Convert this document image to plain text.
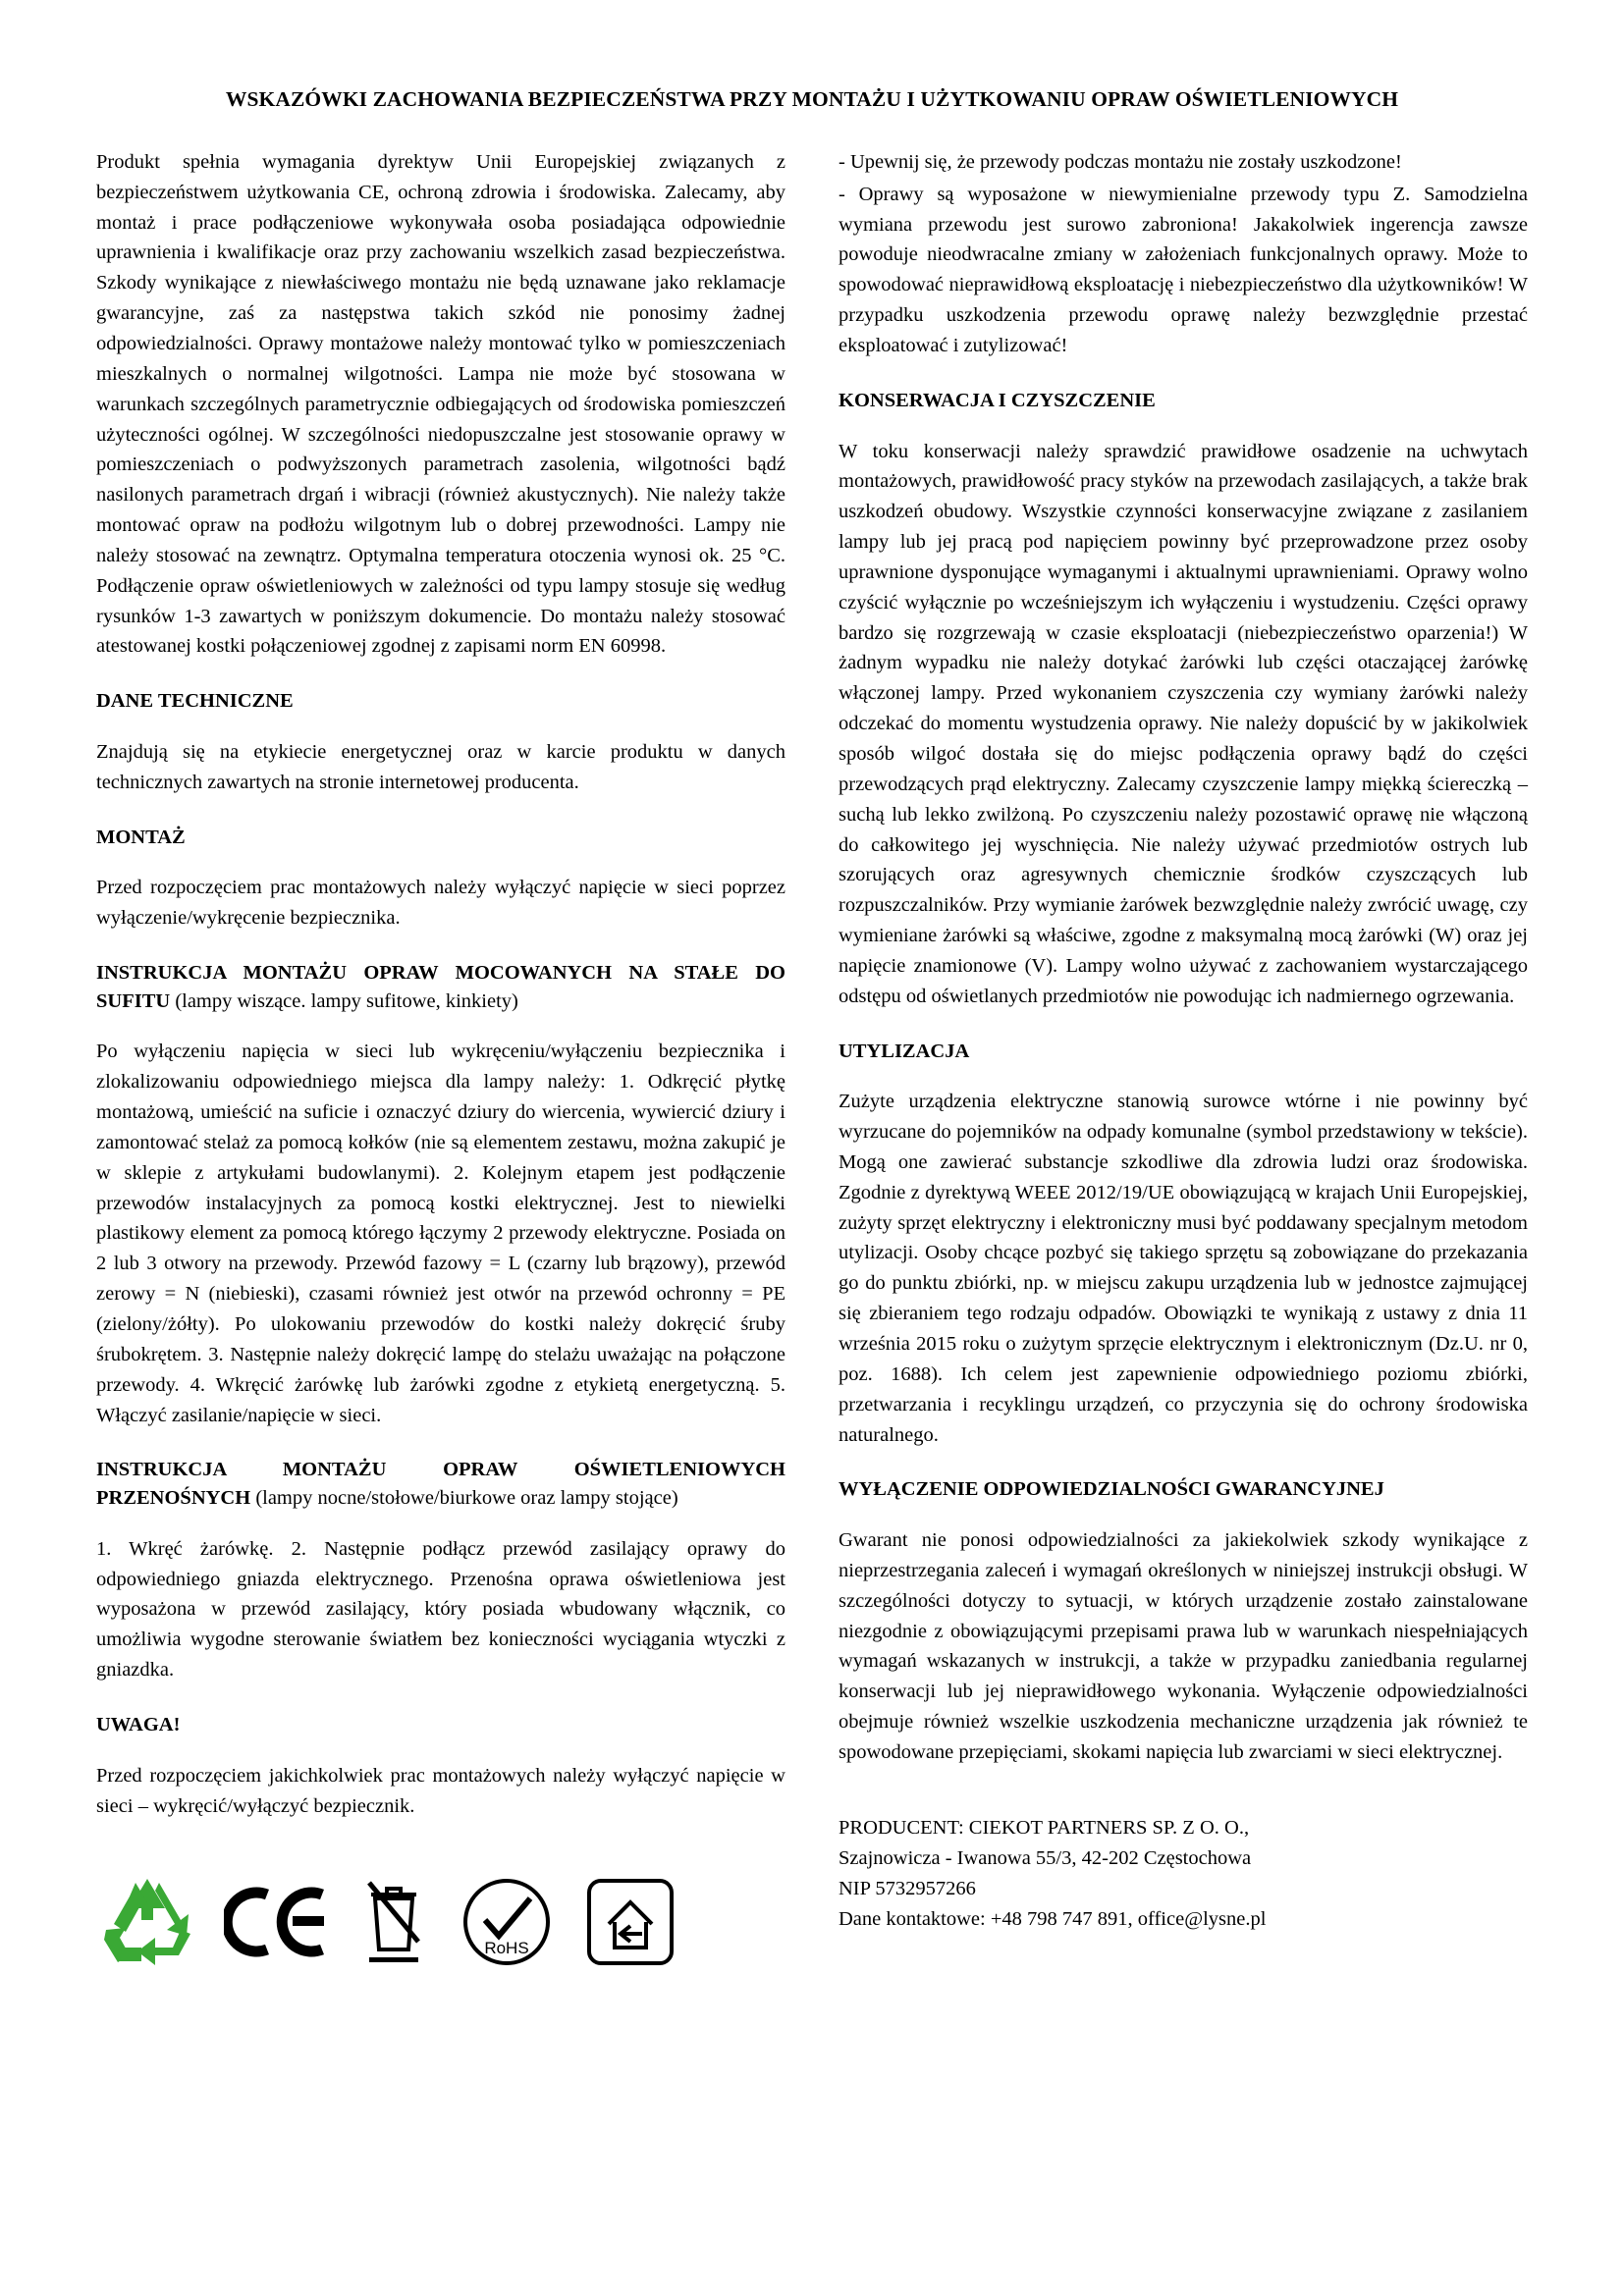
WSKAZÓWKI ZACHOWANIA BEZPIECZEŃSTWA PRZY MONTAŻU I UŻYTKOWANIU OPRAW OŚWIETLENIOWYCH

Produkt spełnia wymagania dyrektyw Unii Europejskiej związanych z bezpieczeństwem użytkowania CE, ochroną zdrowia i środowiska. Zalecamy, aby montaż i prace podłączeniowe wykonywała osoba posiadająca odpowiednie uprawnienia i kwalifikacje oraz przy zachowaniu wszelkich zasad bezpieczeństwa. Szkody wynikające z niewłaściwego montażu nie będą uznawane jako reklamacje gwarancyjne, zaś za następstwa takich szkód nie ponosimy żadnej odpowiedzialności. Oprawy montażowe należy montować tylko w pomieszczeniach mieszkalnych o normalnej wilgotności. Lampa nie może być stosowana w warunkach szczególnych parametrycznie odbiegających od środowiska pomieszczeń użyteczności ogólnej. W szczególności niedopuszczalne jest stosowanie oprawy w pomieszczeniach o podwyższonych parametrach zasolenia, wilgotności bądź nasilonych parametrach drgań i wibracji (również akustycznych). Nie należy także montować opraw na podłożu wilgotnym lub o dobrej przewodności. Lampy nie należy stosować na zewnątrz. Optymalna temperatura otoczenia wynosi ok. 25 °C. Podłączenie opraw oświetleniowych w zależności od typu lampy stosuje się według rysunków 1-3 zawartych w poniższym dokumencie. Do montażu należy stosować atestowanej kostki połączeniowej zgodnej z zapisami norm EN 60998.

DANE TECHNICZNE

Znajdują się na etykiecie energetycznej oraz w karcie produktu w danych technicznych zawartych na stronie internetowej producenta.

MONTAŻ

Przed rozpoczęciem prac montażowych należy wyłączyć napięcie w sieci poprzez wyłączenie/wykręcenie bezpiecznika.

INSTRUKCJA MONTAŻU OPRAW MOCOWANYCH NA STAŁE DO SUFITU (lampy wiszące. lampy sufitowe, kinkiety)

Po wyłączeniu napięcia w sieci lub wykręceniu/wyłączeniu bezpiecznika i zlokalizowaniu odpowiedniego miejsca dla lampy należy: 1. Odkręcić płytkę montażową, umieścić na suficie i oznaczyć dziury do wiercenia, wywiercić dziury i zamontować stelaż za pomocą kołków (nie są elementem zestawu, można zakupić je w sklepie z artykułami budowlanymi). 2. Kolejnym etapem jest podłączenie przewodów instalacyjnych za pomocą kostki elektrycznej. Jest to niewielki plastikowy element za pomocą którego łączymy 2 przewody elektryczne. Posiada on 2 lub 3 otwory na przewody. Przewód fazowy = L (czarny lub brązowy), przewód zerowy = N (niebieski), czasami również jest otwór na przewód ochronny = PE (zielony/żółty). Po ulokowaniu przewodów do kostki należy dokręcić śruby śrubokrętem. 3. Następnie należy dokręcić lampę do stelażu uważając na połączone przewody. 4. Wkręcić żarówkę lub żarówki zgodne z etykietą energetyczną. 5. Włączyć zasilanie/napięcie w sieci.

INSTRUKCJA MONTAŻU OPRAW OŚWIETLENIOWYCH PRZENOŚNYCH (lampy nocne/stołowe/biurkowe oraz lampy stojące)

1. Wkręć żarówkę. 2. Następnie podłącz przewód zasilający oprawy do odpowiedniego gniazda elektrycznego. Przenośna oprawa oświetleniowa jest wyposażona w przewód zasilający, który posiada wbudowany włącznik, co umożliwia wygodne sterowanie światłem bez konieczności wyciągania wtyczki z gniazdka.

UWAGA!

Przed rozpoczęciem jakichkolwiek prac montażowych należy wyłączyć napięcie w sieci – wykręcić/wyłączyć bezpiecznik.

RoHS

- Upewnij się, że przewody podczas montażu nie zostały uszkodzone!

- Oprawy są wyposażone w niewymienialne przewody typu Z. Samodzielna wymiana przewodu jest surowo zabroniona! Jakakolwiek ingerencja zawsze powoduje nieodwracalne zmiany w założeniach funkcjonalnych oprawy. Może to spowodować nieprawidłową eksploatację i niebezpieczeństwo dla użytkowników! W przypadku uszkodzenia przewodu oprawę należy bezwzględnie przestać eksploatować i zutylizować!

KONSERWACJA I CZYSZCZENIE

W toku konserwacji należy sprawdzić prawidłowe osadzenie na uchwytach montażowych, prawidłowość pracy styków na przewodach zasilających, a także brak uszkodzeń obudowy. Wszystkie czynności konserwacyjne związane z zasilaniem lampy lub jej pracą pod napięciem powinny być przeprowadzone przez osoby uprawnione dysponujące wymaganymi i aktualnymi uprawnieniami. Oprawy wolno czyścić wyłącznie po wcześniejszym ich wyłączeniu i wystudzeniu. Części oprawy bardzo się rozgrzewają w czasie eksploatacji (niebezpieczeństwo oparzenia!) W żadnym wypadku nie należy dotykać żarówki lub części otaczającej żarówkę włączonej lampy. Przed wykonaniem czyszczenia czy wymiany żarówki należy odczekać do momentu wystudzenia oprawy. Nie należy dopuścić by w jakikolwiek sposób wilgoć dostała się do miejsc podłączenia oprawy bądź do części przewodzących prąd elektryczny. Zalecamy czyszczenie lampy miękką ściereczką – suchą lub lekko zwilżoną. Po czyszczeniu należy pozostawić oprawę nie włączoną do całkowitego jej wyschnięcia. Nie należy używać przedmiotów ostrych lub szorujących oraz agresywnych chemicznie środków czyszczących lub rozpuszczalników. Przy wymianie żarówek bezwzględnie należy zwrócić uwagę, czy wymieniane żarówki są właściwe, zgodne z maksymalną mocą żarówki (W) oraz jej napięcie znamionowe (V). Lampy wolno używać z zachowaniem wystarczającego odstępu od oświetlanych przedmiotów nie powodując ich nadmiernego ogrzewania.

UTYLIZACJA

Zużyte urządzenia elektryczne stanowią surowce wtórne i nie powinny być wyrzucane do pojemników na odpady komunalne (symbol przedstawiony w tekście). Mogą one zawierać substancje szkodliwe dla zdrowia ludzi oraz środowiska. Zgodnie z dyrektywą WEEE 2012/19/UE obowiązującą w krajach Unii Europejskiej, zużyty sprzęt elektryczny i elektroniczny musi być poddawany specjalnym metodom utylizacji. Osoby chcące pozbyć się takiego sprzętu są zobowiązane do przekazania go do punktu zbiórki, np. w miejscu zakupu urządzenia lub w jednostce zajmującej się zbieraniem tego rodzaju odpadów. Obowiązki te wynikają z ustawy z dnia 11 września 2015 roku o zużytym sprzęcie elektrycznym i elektronicznym (Dz.U. nr 0, poz. 1688). Ich celem jest zapewnienie odpowiedniego poziomu zbiórki, przetwarzania i recyklingu urządzeń, co przyczynia się do ochrony środowiska naturalnego.

WYŁĄCZENIE ODPOWIEDZIALNOŚCI GWARANCYJNEJ

Gwarant nie ponosi odpowiedzialności za jakiekolwiek szkody wynikające z nieprzestrzegania zaleceń i wymagań określonych w niniejszej instrukcji obsługi. W szczególności dotyczy to sytuacji, w których urządzenie zostało zainstalowane niezgodnie z obowiązującymi przepisami prawa lub w warunkach niespełniających wymagań wskazanych w instrukcji, a także w przypadku zaniedbania regularnej konserwacji lub jej nieprawidłowego wykonania. Wyłączenie odpowiedzialności obejmuje również wszelkie uszkodzenia mechaniczne urządzenia jak również te spowodowane przepięciami, skokami napięcia lub zwarciami w sieci elektrycznej.

PRODUCENT: CIEKOT PARTNERS SP. Z O. O.,
Szajnowicza - Iwanowa 55/3, 42-202 Częstochowa
NIP 5732957266
Dane kontaktowe: +48 798 747 891, office@lysne.pl
